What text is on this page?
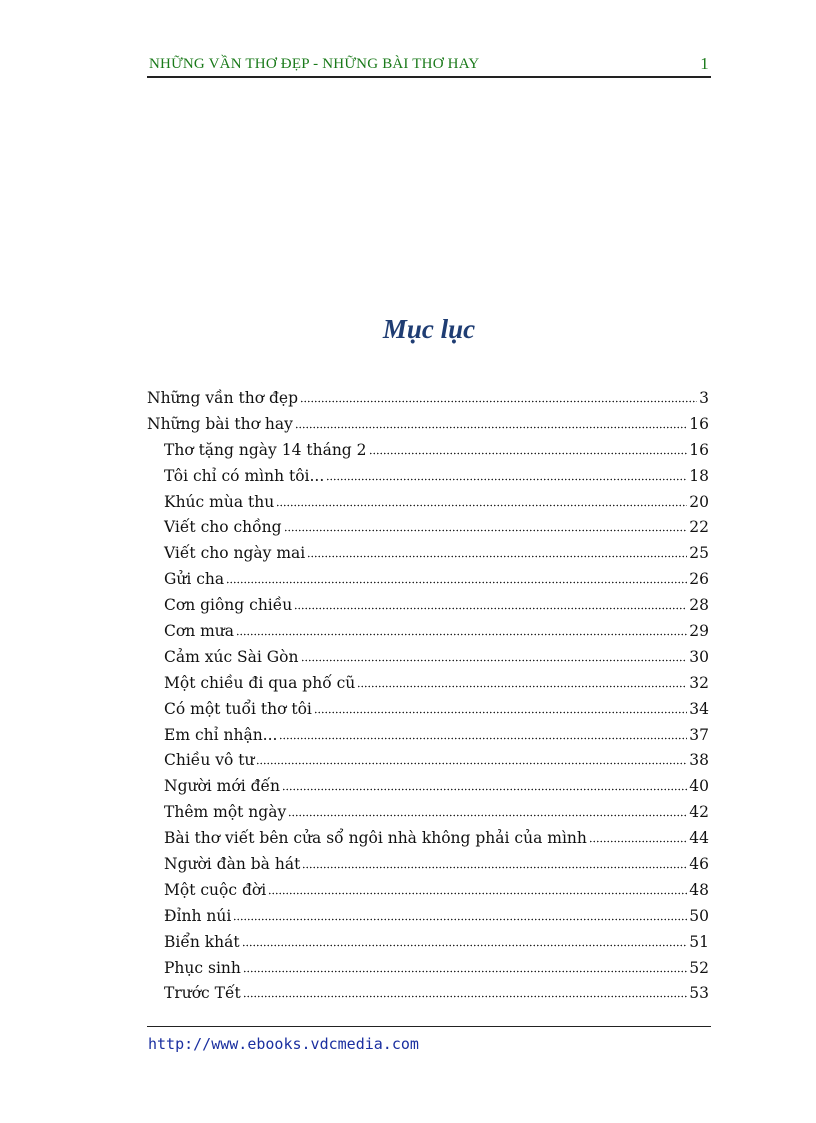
NHỮNG VẦN THƠ ĐẸP - NHỮNG BÀI THƠ HAY	1
Mục lục
Những vần thơ đẹp	3
Những bài thơ hay	16
Thơ tặng ngày 14 tháng 2	16
Tôi chỉ có mình tôi...	18
Khúc mùa thu	20
Viết cho chồng	22
Viết cho ngày mai	25
Gửi cha	26
Cơn giông chiều	28
Cơn mưa	29
Cảm xúc Sài Gòn	30
Một chiều đi qua phố cũ	32
Có một tuổi thơ tôi	34
Em chỉ nhận...	37
Chiều vô tư	38
Người mới đến	40
Thêm một ngày	42
Bài thơ viết bên cửa sổ ngôi nhà không phải của mình	44
Người đàn bà hát	46
Một cuộc đời	48
Đỉnh núi	50
Biển khát	51
Phục sinh	52
Trước Tết	53
http://www.ebooks.vdcmedia.com
